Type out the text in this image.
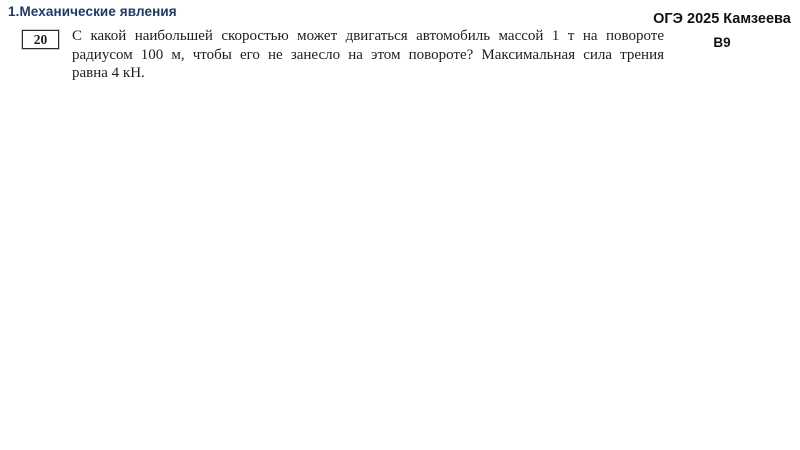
1.Механические явления	ОГЭ 2025 Камзеева
В9
20 С какой наибольшей скоростью может двигаться автомобиль массой 1 т на повороте
радиусом 100 м, чтобы его не занесло на этом повороте? Максимальная сила трения
равна 4 кН.
